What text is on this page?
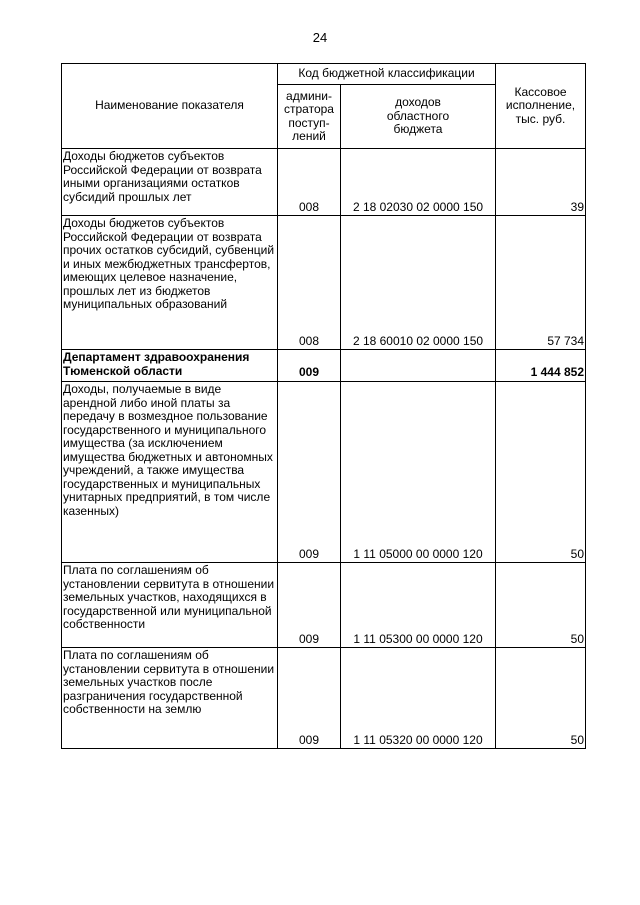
24
Наименование показателя	Код бюджетной классификации		Кассовое исполнение, тыс. руб.
	админи-стратора поступ-лений	доходов областного бюджета	
Доходы бюджетов субъектов Российской Федерации от возврата иными организациями остатков субсидий прошлых лет	008	2 18 02030 02 0000 150	39
Доходы бюджетов субъектов Российской Федерации от возврата прочих остатков субсидий, субвенций и иных межбюджетных трансфертов, имеющих целевое назначение, прошлых лет из бюджетов муниципальных образований	008	2 18 60010 02 0000 150	57 734
Департамент здравоохранения Тюменской области	009		1 444 852
Доходы, получаемые в виде арендной либо иной платы за передачу в возмездное пользование государственного и муниципального имущества (за исключением имущества бюджетных и автономных учреждений, а также имущества государственных и муниципальных унитарных предприятий, в том числе казенных)	009	1 11 05000 00 0000 120	50
Плата по соглашениям об установлении сервитута в отношении земельных участков, находящихся в государственной или муниципальной собственности	009	1 11 05300 00 0000 120	50
Плата по соглашениям об установлении сервитута в отношении земельных участков после разграничения государственной собственности на землю	009	1 11 05320 00 0000 120	50
